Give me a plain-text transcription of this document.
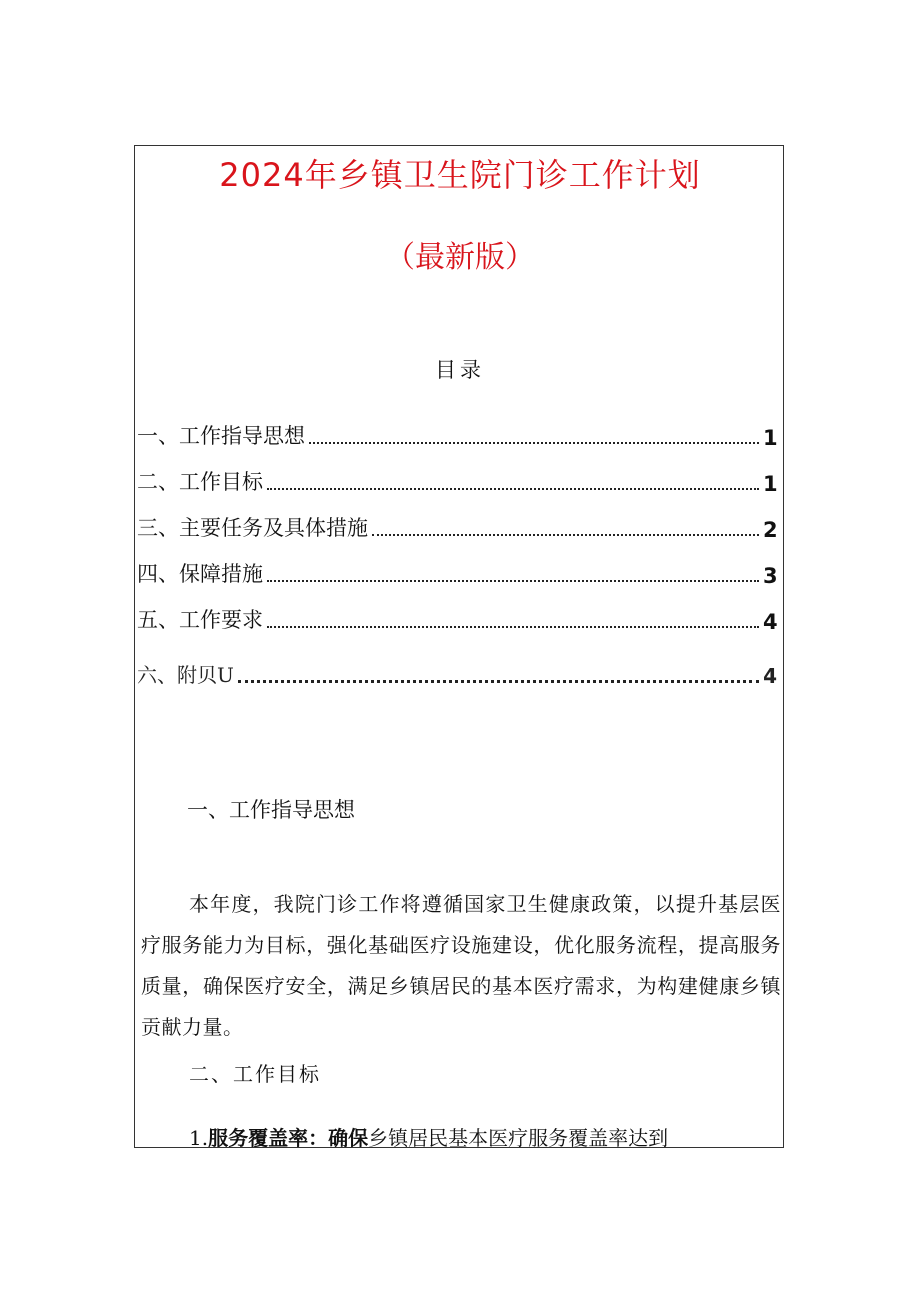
2024年乡镇卫生院门诊工作计划
（最新版）
目录
一、工作指导思想	1
二、工作目标	1
三、主要任务及具体措施	2
四、保障措施	3
五、工作要求	4
六、附贝U	4
一、工作指导思想

本年度，我院门诊工作将遵循国家卫生健康政策，以提升基层医疗服务能力为目标，强化基础医疗设施建设，优化服务流程，提高服务质量，确保医疗安全，满足乡镇居民的基本医疗需求，为构建健康乡镇贡献力量。

二、工作目标
1.服务覆盖率：确保乡镇居民基本医疗服务覆盖率达到
